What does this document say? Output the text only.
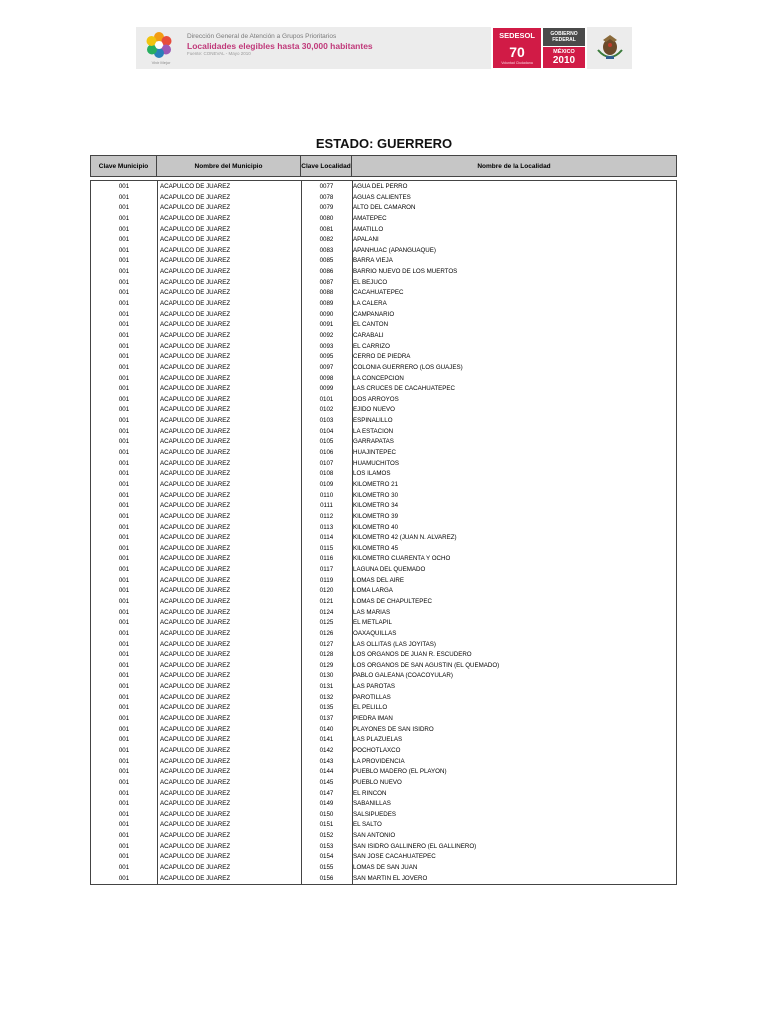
Vivir Mejor
Dirección General de Atención a Grupos Prioritarios
Localidades elegibles hasta 30,000 habitantes
Fuente: CONEVAL - Mayo 2010
SEDESOL
70
Voluntad Ciudadana
GOBIERNO FEDERAL
MÉXICO
2010
ESTADO: GUERRERO
Clave Municipio	Nombre del Municipio	Clave Localidad	Nombre de la Localidad
001	ACAPULCO DE JUAREZ	0077	AGUA DEL PERRO
001	ACAPULCO DE JUAREZ	0078	AGUAS CALIENTES
001	ACAPULCO DE JUAREZ	0079	ALTO DEL CAMARON
001	ACAPULCO DE JUAREZ	0080	AMATEPEC
001	ACAPULCO DE JUAREZ	0081	AMATILLO
001	ACAPULCO DE JUAREZ	0082	APALANI
001	ACAPULCO DE JUAREZ	0083	APANHUAC (APANGUAQUE)
001	ACAPULCO DE JUAREZ	0085	BARRA VIEJA
001	ACAPULCO DE JUAREZ	0086	BARRIO NUEVO DE LOS MUERTOS
001	ACAPULCO DE JUAREZ	0087	EL BEJUCO
001	ACAPULCO DE JUAREZ	0088	CACAHUATEPEC
001	ACAPULCO DE JUAREZ	0089	LA CALERA
001	ACAPULCO DE JUAREZ	0090	CAMPANARIO
001	ACAPULCO DE JUAREZ	0091	EL CANTON
001	ACAPULCO DE JUAREZ	0092	CARABALI
001	ACAPULCO DE JUAREZ	0093	EL CARRIZO
001	ACAPULCO DE JUAREZ	0095	CERRO DE PIEDRA
001	ACAPULCO DE JUAREZ	0097	COLONIA GUERRERO (LOS GUAJES)
001	ACAPULCO DE JUAREZ	0098	LA CONCEPCION
001	ACAPULCO DE JUAREZ	0099	LAS CRUCES DE CACAHUATEPEC
001	ACAPULCO DE JUAREZ	0101	DOS ARROYOS
001	ACAPULCO DE JUAREZ	0102	EJIDO NUEVO
001	ACAPULCO DE JUAREZ	0103	ESPINALILLO
001	ACAPULCO DE JUAREZ	0104	LA ESTACION
001	ACAPULCO DE JUAREZ	0105	GARRAPATAS
001	ACAPULCO DE JUAREZ	0106	HUAJINTEPEC
001	ACAPULCO DE JUAREZ	0107	HUAMUCHITOS
001	ACAPULCO DE JUAREZ	0108	LOS ILAMOS
001	ACAPULCO DE JUAREZ	0109	KILOMETRO 21
001	ACAPULCO DE JUAREZ	0110	KILOMETRO 30
001	ACAPULCO DE JUAREZ	0111	KILOMETRO 34
001	ACAPULCO DE JUAREZ	0112	KILOMETRO 39
001	ACAPULCO DE JUAREZ	0113	KILOMETRO 40
001	ACAPULCO DE JUAREZ	0114	KILOMETRO 42 (JUAN N. ALVAREZ)
001	ACAPULCO DE JUAREZ	0115	KILOMETRO 45
001	ACAPULCO DE JUAREZ	0116	KILOMETRO CUARENTA Y OCHO
001	ACAPULCO DE JUAREZ	0117	LAGUNA DEL QUEMADO
001	ACAPULCO DE JUAREZ	0119	LOMAS DEL AIRE
001	ACAPULCO DE JUAREZ	0120	LOMA LARGA
001	ACAPULCO DE JUAREZ	0121	LOMAS DE CHAPULTEPEC
001	ACAPULCO DE JUAREZ	0124	LAS MARIAS
001	ACAPULCO DE JUAREZ	0125	EL METLAPIL
001	ACAPULCO DE JUAREZ	0126	OAXAQUILLAS
001	ACAPULCO DE JUAREZ	0127	LAS OLLITAS (LAS JOYITAS)
001	ACAPULCO DE JUAREZ	0128	LOS ORGANOS DE JUAN R. ESCUDERO
001	ACAPULCO DE JUAREZ	0129	LOS ORGANOS DE SAN AGUSTIN (EL QUEMADO)
001	ACAPULCO DE JUAREZ	0130	PABLO GALEANA (COACOYULAR)
001	ACAPULCO DE JUAREZ	0131	LAS PAROTAS
001	ACAPULCO DE JUAREZ	0132	PAROTILLAS
001	ACAPULCO DE JUAREZ	0135	EL PELILLO
001	ACAPULCO DE JUAREZ	0137	PIEDRA IMAN
001	ACAPULCO DE JUAREZ	0140	PLAYONES DE SAN ISIDRO
001	ACAPULCO DE JUAREZ	0141	LAS PLAZUELAS
001	ACAPULCO DE JUAREZ	0142	POCHOTLAXCO
001	ACAPULCO DE JUAREZ	0143	LA PROVIDENCIA
001	ACAPULCO DE JUAREZ	0144	PUEBLO MADERO (EL PLAYON)
001	ACAPULCO DE JUAREZ	0145	PUEBLO NUEVO
001	ACAPULCO DE JUAREZ	0147	EL RINCON
001	ACAPULCO DE JUAREZ	0149	SABANILLAS
001	ACAPULCO DE JUAREZ	0150	SALSIPUEDES
001	ACAPULCO DE JUAREZ	0151	EL SALTO
001	ACAPULCO DE JUAREZ	0152	SAN ANTONIO
001	ACAPULCO DE JUAREZ	0153	SAN ISIDRO GALLINERO (EL GALLINERO)
001	ACAPULCO DE JUAREZ	0154	SAN JOSE CACAHUATEPEC
001	ACAPULCO DE JUAREZ	0155	LOMAS DE SAN JUAN
001	ACAPULCO DE JUAREZ	0156	SAN MARTIN EL JOVERO
